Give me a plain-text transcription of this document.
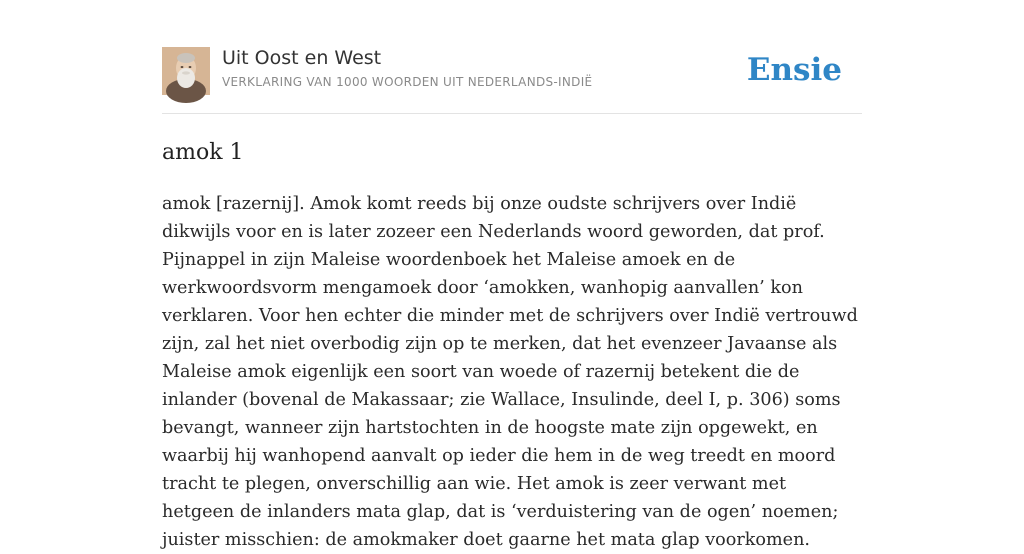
Uit Oost en West
VERKLARING VAN 1000 WOORDEN UIT NEDERLANDS-INDIË	Ensie
amok 1

amok [razernij]. Amok komt reeds bij onze oudste schrijvers over Indië dikwijls voor en is later zozeer een Nederlands woord geworden, dat prof. Pijnappel in zijn Maleise woordenboek het Maleise amoek en de werkwoordsvorm mengamoek door ‘amokken, wanhopig aanvallen’ kon verklaren. Voor hen echter die minder met de schrijvers over Indië vertrouwd zijn, zal het niet overbodig zijn op te merken, dat het evenzeer Javaanse als Maleise amok eigenlijk een soort van woede of razernij betekent die de inlander (bovenal de Makassaar; zie Wallace, Insulinde, deel I, p. 306) soms bevangt, wanneer zijn hartstochten in de hoogste mate zijn opgewekt, en waarbij hij wanhopend aanvalt op ieder die hem in de weg treedt en moord tracht te plegen, onverschillig aan wie. Het amok is zeer verwant met hetgeen de inlanders mata glap, dat is ‘verduistering van de ogen’ noemen; juister misschien: de amokmaker doet gaarne het mata glap voorkomen.
